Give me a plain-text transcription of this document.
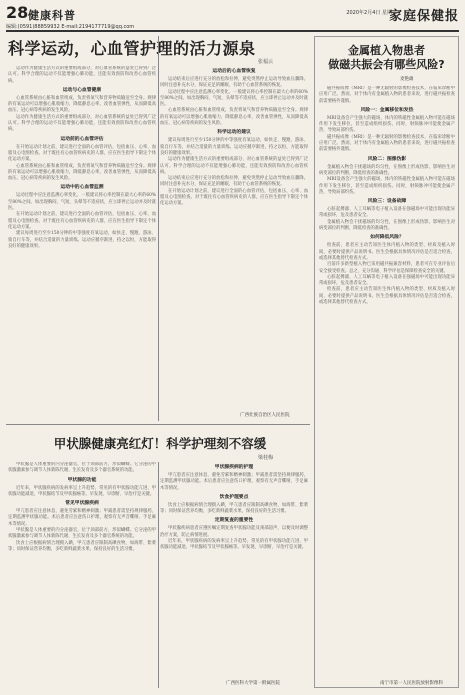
28 健康科普
编辑:(0591)88859932 E-mail:2194177719@qq.com
2020年2月4日 星期二
家庭保健报
科学运动，心血管护理的活力源泉
张福云

运动作为健康生活方式的重要组成部分，对心血管系统的益处已得到广泛认可。科学合理的运动不仅能增强心肺功能，还能有效预防和改善心血管疾病。

运动与心血管健康

心血管系统由心脏和血管组成，负责将氧气和营养物质输送至全身。规律的有氧运动可以增强心肌收缩力，降低静息心率，改善血管弹性，从而降低高血压、冠心病等疾病的发生风险。

运动作为健康生活方式的重要组成部分，对心血管系统的益处已得到广泛认可。科学合理的运动不仅能增强心肺功能，还能有效预防和改善心血管疾病。

运动前的心血管评估

在开始运动计划之前，建议进行全面的心血管评估，包括血压、心率、血脂及心电图检查。对于既往有心血管疾病史的人群，应在医生指导下制定个体化运动方案。

心血管系统由心脏和血管组成，负责将氧气和营养物质输送至全身。规律的有氧运动可以增强心肌收缩力，降低静息心率，改善血管弹性，从而降低高血压、冠心病等疾病的发生风险。

运动中的心血管监测

运动过程中应注意监测心率变化，一般建议将心率控制在最大心率的60%至80%之间。如出现胸闷、气短、头晕等不适症状，应立即停止运动并及时就医。

在开始运动计划之前，建议进行全面的心血管评估，包括血压、心率、血脂及心电图检查。对于既往有心血管疾病史的人群，应在医生指导下制定个体化运动方案。

建议每周进行至少150分钟的中等强度有氧运动，如快走、慢跑、游泳、骑自行车等，并结合适量的力量训练。运动应循序渐进，持之以恒，方能取得良好的健康效果。

运动后的心血管恢复

运动结束后应进行充分的放松和拉伸，避免突然停止运动导致血压骤降。同时注意补充水分，保证充足的睡眠，有助于心血管系统的恢复。

运动过程中应注意监测心率变化，一般建议将心率控制在最大心率的60%至80%之间。如出现胸闷、气短、头晕等不适症状，应立即停止运动并及时就医。

心血管系统由心脏和血管组成，负责将氧气和营养物质输送至全身。规律的有氧运动可以增强心肌收缩力，降低静息心率，改善血管弹性，从而降低高血压、冠心病等疾病的发生风险。

科学运动的建议

建议每周进行至少150分钟的中等强度有氧运动，如快走、慢跑、游泳、骑自行车等，并结合适量的力量训练。运动应循序渐进，持之以恒，方能取得良好的健康效果。

运动作为健康生活方式的重要组成部分，对心血管系统的益处已得到广泛认可。科学合理的运动不仅能增强心肺功能，还能有效预防和改善心血管疾病。

运动结束后应进行充分的放松和拉伸，避免突然停止运动导致血压骤降。同时注意补充水分，保证充足的睡眠，有助于心血管系统的恢复。

在开始运动计划之前，建议进行全面的心血管评估，包括血压、心率、血脂及心电图检查。对于既往有心血管疾病史的人群，应在医生指导下制定个体化运动方案。

广西壮族自治区人民医院
甲状腺健康亮红灯！科学护理刻不容缓
梁桂梅

甲状腺是人体重要的内分泌器官，位于颈部前方，形似蝴蝶。它分泌的甲状腺激素参与调节人体新陈代谢、生长发育及多个器官系统的功能。

甲状腺的功能

近年来，甲状腺疾病的发病率呈上升趋势，常见的有甲状腺功能亢进、甲状腺功能减退、甲状腺结节及甲状腺癌等。早发现、早诊断、早治疗是关键。

常见甲状腺疾病

甲亢患者应注意休息，避免劳累和精神刺激；甲减患者需坚持规律服药，定期监测甲状腺功能。术后患者应注意伤口护理，观察有无声音嘶哑、手足麻木等情况。

甲状腺是人体重要的内分泌器官，位于颈部前方，形似蝴蝶。它分泌的甲状腺激素参与调节人体新陈代谢、生长发育及多个器官系统的功能。

饮食上应根据病情合理摄入碘，甲亢患者应限制高碘食物，如海带、紫菜等；同时保证营养均衡，多吃新鲜蔬菜水果，保持良好的生活习惯。

甲状腺疾病的护理

甲亢患者应注意休息，避免劳累和精神刺激；甲减患者需坚持规律服药，定期监测甲状腺功能。术后患者应注意伤口护理，观察有无声音嘶哑、手足麻木等情况。

饮食护理要点

饮食上应根据病情合理摄入碘，甲亢患者应限制高碘食物，如海带、紫菜等；同时保证营养均衡，多吃新鲜蔬菜水果，保持良好的生活习惯。

定期复查的重要性

甲状腺疾病患者应遵医嘱定期复查甲状腺功能及颈部超声，以便及时调整治疗方案，防止病情进展。

近年来，甲状腺疾病的发病率呈上升趋势，常见的有甲状腺功能亢进、甲状腺功能减退、甲状腺结节及甲状腺癌等。早发现、早诊断、早治疗是关键。

广西医科大学第一附属医院
金属植入物患者
做磁共振会有哪些风险?
麦艳雄

磁共振成像（MRI）是一种无辐射的影像检查技术，在临床诊断中应用广泛。然而，对于体内有金属植入物的患者来说，进行磁共振检查前需要格外谨慎。

风险一：金属移位和发热

MRI设备会产生强大的磁场，体内的铁磁性金属植入物可能在磁场作用下发生移位，甚至造成组织损伤。同时，射频脉冲可能使金属产热，导致局部灼伤。

磁共振成像（MRI）是一种无辐射的影像检查技术，在临床诊断中应用广泛。然而，对于体内有金属植入物的患者来说，进行磁共振检查前需要格外谨慎。

风险二：图像伪影

金属植入物会干扰磁场的均匀性，在图像上形成伪影，影响医生对病变部位的判断，降低检查的准确性。

MRI设备会产生强大的磁场，体内的铁磁性金属植入物可能在磁场作用下发生移位，甚至造成组织损伤。同时，射频脉冲可能使金属产热，导致局部灼伤。

风险三：设备故障

心脏起搏器、人工耳蜗等电子植入设备在强磁场中可能出现功能异常或损坏，危及患者安全。

金属植入物会干扰磁场的均匀性，在图像上形成伪影，影响医生对病变部位的判断，降低检查的准确性。

如何降低风险？

检查前，患者应主动告知医生体内植入物的类型、材质及植入时间，必要时提供产品说明书。医生会根据具体情况评估是否适合检查，或选择其他替代检查方式。

目前许多新型植入物已采用磁共振兼容材料，患者可在专业评估后安全接受检查。总之，充分沟通、科学评估是保障检查安全的关键。

心脏起搏器、人工耳蜗等电子植入设备在强磁场中可能出现功能异常或损坏，危及患者安全。

检查前，患者应主动告知医生体内植入物的类型、材质及植入时间，必要时提供产品说明书。医生会根据具体情况评估是否适合检查，或选择其他替代检查方式。

南宁市第一人民医院放射影像科
